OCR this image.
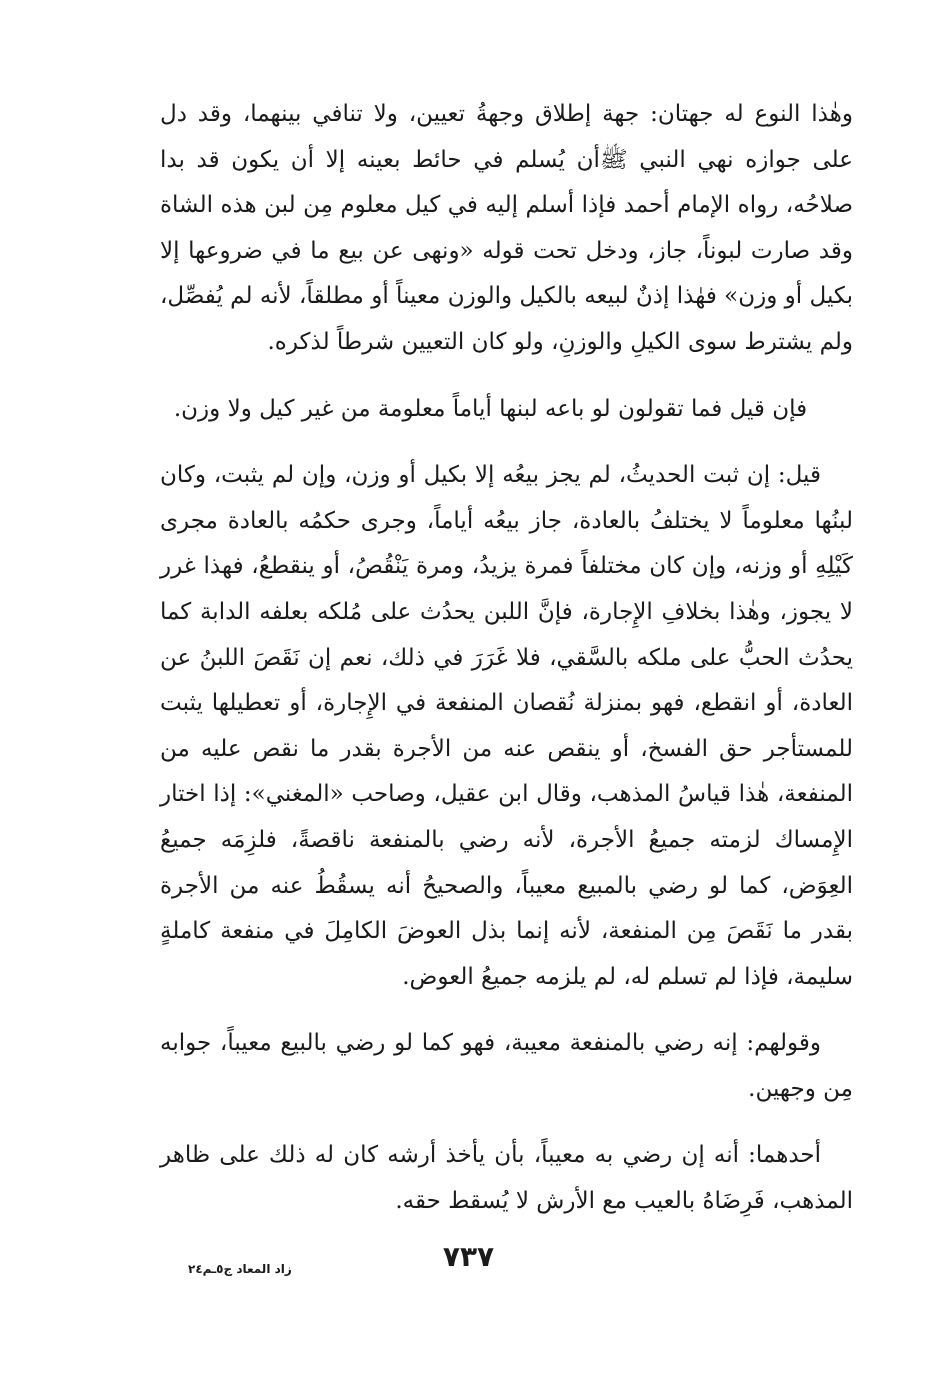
وهٰذا النوع له جهتان: جهة إطلاق وجهةُ تعيين، ولا تنافي بينهما، وقد دل على جوازه نهي النبي ﷺأن يُسلم في حائط بعينه إلا أن يكون قد بدا صلاحُه، رواه الإمام أحمد فإذا أسلم إليه في كيل معلوم مِن لبن هذه الشاة وقد صارت لبوناً، جاز، ودخل تحت قوله «ونهى عن بيع ما في ضروعها إلا بكيل أو وزن» فهٰذا إذنٌ لبيعه بالكيل والوزن معيناً أو مطلقاً، لأنه لم يُفصِّل، ولم يشترط سوى الكيلِ والوزنِ، ولو كان التعيين شرطاً لذكره.

فإن قيل فما تقولون لو باعه لبنها أياماً معلومة من غير كيل ولا وزن.

قيل: إن ثبت الحديثُ، لم يجز بيعُه إلا بكيل أو وزن، وإن لم يثبت، وكان لبنُها معلوماً لا يختلفُ بالعادة، جاز بيعُه أياماً، وجرى حكمُه بالعادة مجرى كَيْلِهِ أو وزنه، وإن كان مختلفاً فمرة يزيدُ، ومرة يَنْقُصُ، أو ينقطعُ، فهذا غرر لا يجوز، وهٰذا بخلافِ الإِجارة، فإنَّ اللبن يحدُث على مُلكه بعلفه الدابة كما يحدُث الحبُّ على ملكه بالسَّقي، فلا غَرَرَ في ذلك، نعم إن نَقَصَ اللبنُ عن العادة، أو انقطع، فهو بمنزلة نُقصان المنفعة في الإِجارة، أو تعطيلها يثبت للمستأجر حق الفسخ، أو ينقص عنه من الأجرة بقدر ما نقص عليه من المنفعة، هٰذا قياسُ المذهب، وقال ابن عقيل، وصاحب «المغني»: إذا اختار الإِمساك لزمته جميعُ الأجرة، لأنه رضي بالمنفعة ناقصةً، فلزِمَه جميعُ العِوَض، كما لو رضي بالمبيع معيباً، والصحيحُ أنه يسقُطُ عنه من الأجرة بقدر ما نَقَصَ مِن المنفعة، لأنه إنما بذل العوضَ الكامِلَ في منفعة كاملةٍ سليمة، فإذا لم تسلم له، لم يلزمه جميعُ العوض.

وقولهم: إنه رضي بالمنفعة معيبة، فهو كما لو رضي بالبيع معيباً، جوابه مِن وجهين.

أحدهما: أنه إن رضي به معيباً، بأن يأخذ أرشه كان له ذلك على ظاهر المذهب، فَرِضَاهُ بالعيب مع الأرش لا يُسقط حقه.

٧٣٧
زاد المعاد ج٥ـم٢٤
